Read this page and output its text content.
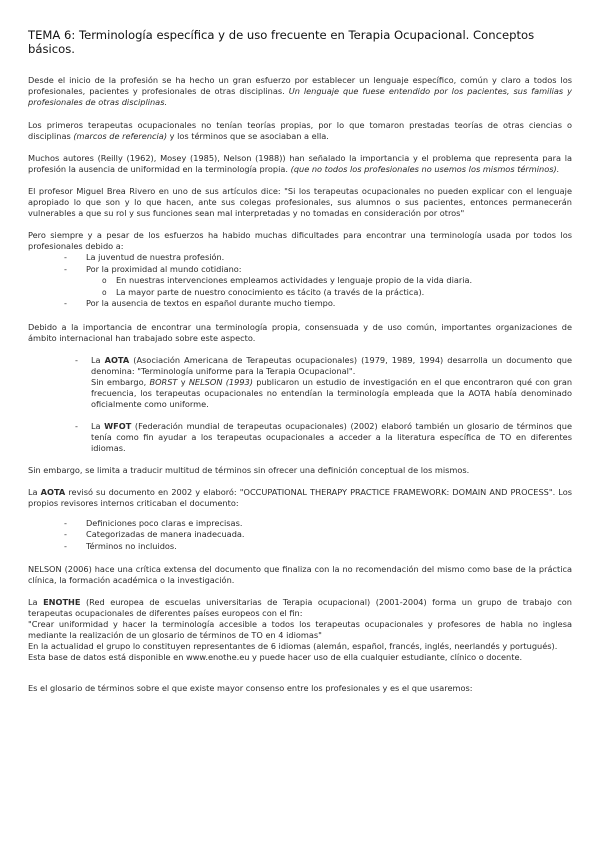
TEMA 6: Terminología específica y de uso frecuente en Terapia Ocupacional. Conceptos básicos.

Desde el inicio de la profesión se ha hecho un gran esfuerzo por establecer un lenguaje específico, común y claro a todos los profesionales, pacientes y profesionales de otras disciplinas. Un lenguaje que fuese entendido por los pacientes, sus familias y profesionales de otras disciplinas.

Los primeros terapeutas ocupacionales no tenían teorías propias, por lo que tomaron prestadas teorías de otras ciencias o disciplinas (marcos de referencia) y los términos que se asociaban a ella.

Muchos autores (Reilly (1962), Mosey (1985), Nelson (1988)) han señalado la importancia y el problema que representa para la profesión la ausencia de uniformidad en la terminología propia. (que no todos los profesionales no usemos los mismos términos).

El profesor Miguel Brea Rivero en uno de sus artículos dice: "Si los terapeutas ocupacionales no pueden explicar con el lenguaje apropiado lo que son y lo que hacen, ante sus colegas profesionales, sus alumnos o sus pacientes, entonces permanecerán vulnerables a que su rol y sus funciones sean mal interpretadas y no tomadas en consideración por otros"

Pero siempre y a pesar de los esfuerzos ha habido muchas dificultades para encontrar una terminología usada por todos los profesionales debido a:

- La juventud de nuestra profesión.
- Por la proximidad al mundo cotidiano:
o En nuestras intervenciones empleamos actividades y lenguaje propio de la vida diaria.
o La mayor parte de nuestro conocimiento es tácito (a través de la práctica).
- Por la ausencia de textos en español durante mucho tiempo.

Debido a la importancia de encontrar una terminología propia, consensuada y de uso común, importantes organizaciones de ámbito internacional han trabajado sobre este aspecto.

- La AOTA (Asociación Americana de Terapeutas ocupacionales) (1979, 1989, 1994) desarrolla un documento que denomina: "Terminología uniforme para la Terapia Ocupacional".

Sin embargo, BORST y NELSON (1993) publicaron un estudio de investigación en el que encontraron qué con gran frecuencia, los terapeutas ocupacionales no entendían la terminología empleada que la AOTA había denominado oficialmente como uniforme.

- La WFOT (Federación mundial de terapeutas ocupacionales) (2002) elaboró también un glosario de términos que tenía como fin ayudar a los terapeutas ocupacionales a acceder a la literatura específica de TO en diferentes idiomas.

Sin embargo, se limita a traducir multitud de términos sin ofrecer una definición conceptual de los mismos.

La AOTA revisó su documento en 2002 y elaboró: "OCCUPATIONAL THERAPY PRACTICE FRAMEWORK: DOMAIN AND PROCESS". Los propios revisores internos criticaban el documento:

- Definiciones poco claras e imprecisas.
- Categorizadas de manera inadecuada.
- Términos no incluidos.

NELSON (2006) hace una crítica extensa del documento que finaliza con la no recomendación del mismo como base de la práctica clínica, la formación académica o la investigación.

La ENOTHE (Red europea de escuelas universitarias de Terapia ocupacional) (2001-2004) forma un grupo de trabajo con terapeutas ocupacionales de diferentes países europeos con el fin:

"Crear uniformidad y hacer la terminología accesible a todos los terapeutas ocupacionales y profesores de habla no inglesa mediante la realización de un glosario de términos de TO en 4 idiomas"

En la actualidad el grupo lo constituyen representantes de 6 idiomas (alemán, español, francés, inglés, neerlandés y portugués).

Esta base de datos está disponible en www.enothe.eu y puede hacer uso de ella cualquier estudiante, clínico o docente.

Es el glosario de términos sobre el que existe mayor consenso entre los profesionales y es el que usaremos:
